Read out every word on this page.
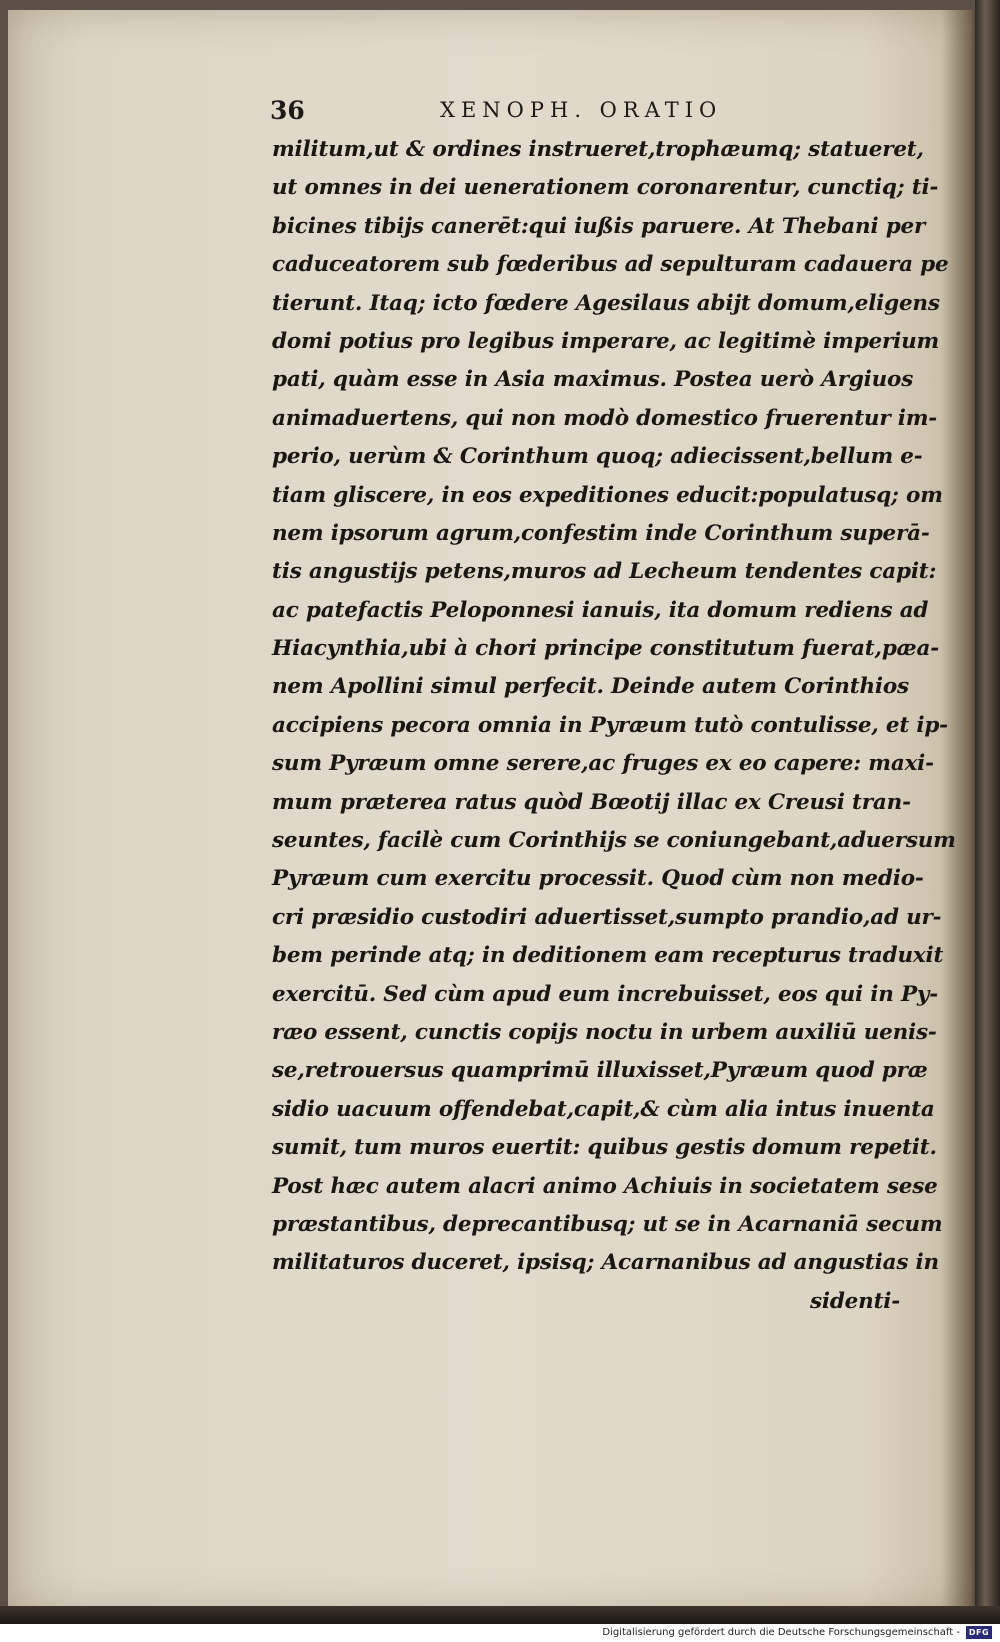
36	XENOPH. ORATIO
militum,ut & ordines instrueret,trophæumq; statueret,
ut omnes in dei uenerationem coronarentur, cunctiq; ti-
bicines tibijs canerēt:qui iußis paruere. At Thebani per
caduceatorem sub fœderibus ad sepulturam cadauera pe
tierunt. Itaq; icto fœdere Agesilaus abijt domum,eligens
domi potius pro legibus imperare, ac legitimè imperium
pati, quàm esse in Asia maximus. Postea uerò Argiuos
animaduertens, qui non modò domestico fruerentur im-
perio, uerùm & Corinthum quoq; adiecissent,bellum e-
tiam gliscere, in eos expeditiones educit:populatusq; om
nem ipsorum agrum,confestim inde Corinthum superā-
tis angustijs petens,muros ad Lecheum tendentes capit:
ac patefactis Peloponnesi ianuis, ita domum rediens ad
Hiacynthia,ubi à chori principe constitutum fuerat,pæa-
nem Apollini simul perfecit. Deinde autem Corinthios
accipiens pecora omnia in Pyræum tutò contulisse, et ip-
sum Pyræum omne serere,ac fruges ex eo capere: maxi-
mum præterea ratus quòd Bœotij illac ex Creusi tran-
seuntes, facilè cum Corinthijs se coniungebant,aduersum
Pyræum cum exercitu processit. Quod cùm non medio-
cri præsidio custodiri aduertisset,sumpto prandio,ad ur-
bem perinde atq; in deditionem eam recepturus traduxit
exercitū. Sed cùm apud eum increbuisset, eos qui in Py-
ræo essent, cunctis copijs noctu in urbem auxiliū uenis-
se,retrouersus quamprimū illuxisset,Pyræum quod præ
sidio uacuum offendebat,capit,& cùm alia intus inuenta
sumit, tum muros euertit: quibus gestis domum repetit.
Post hæc autem alacri animo Achiuis in societatem sese
præstantibus, deprecantibusq; ut se in Acarnaniā secum
militaturos duceret, ipsisq; Acarnanibus ad angustias in
sidenti-
Digitalisierung gefördert durch die Deutsche Forschungsgemeinschaft -	DFG
